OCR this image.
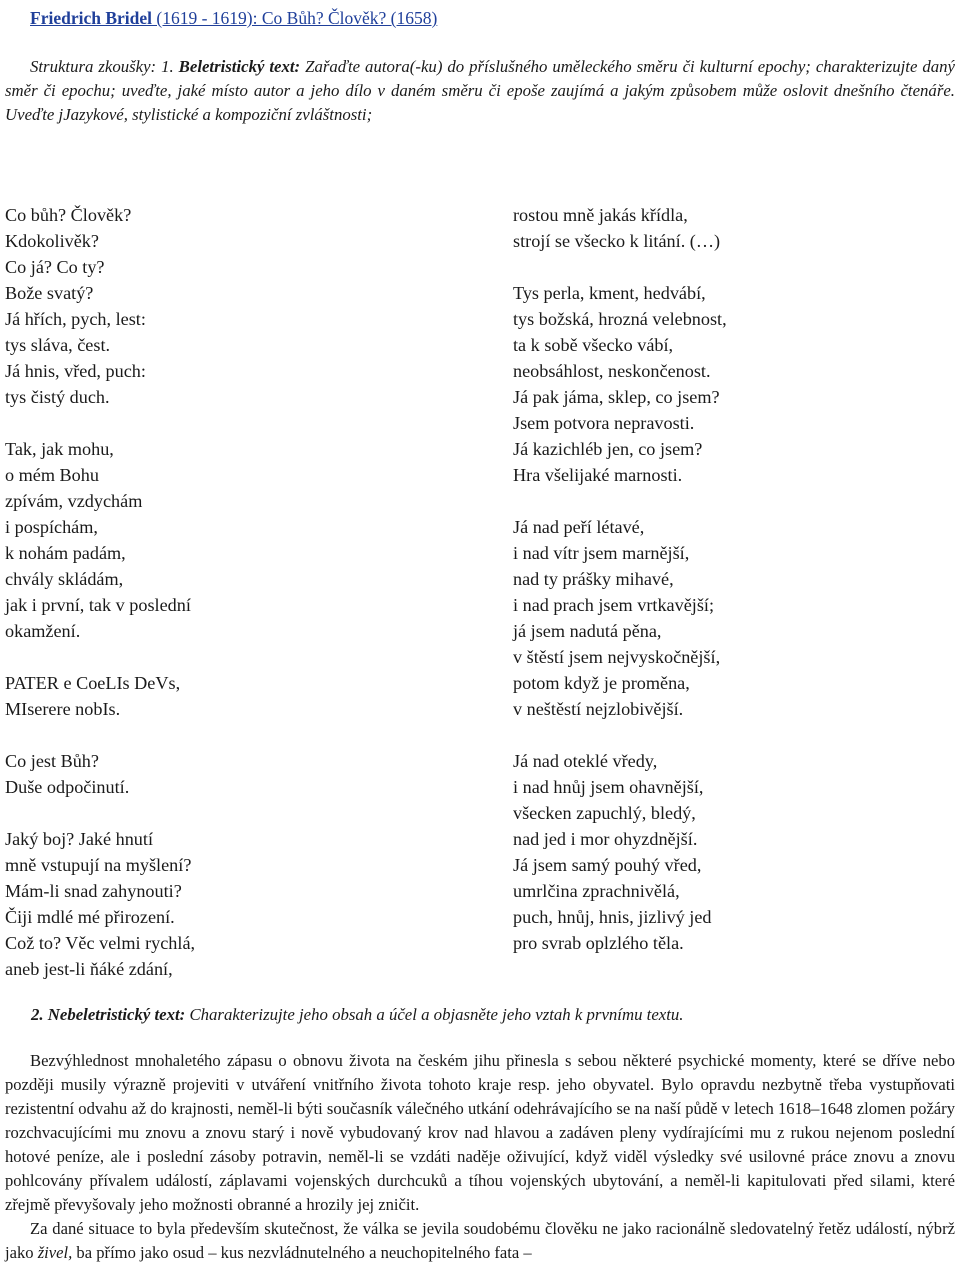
Friedrich Bridel (1619 - 1619): Co Bůh? Člověk? (1658)
Struktura zkoušky: 1. Beletristický text: Zařaďte autora(-ku) do příslušného uměleckého směru či kulturní epochy; charakterizujte daný směr či epochu; uveďte, jaké místo autor a jeho dílo v daném směru či epoše zaujímá a jakým způsobem může oslovit dnešního čtenáře. Uveďte jJazykové, stylistické a kompoziční zvláštnosti;
Co bůh? Člověk?
Kdokolivěk?
Co já? Co ty?
Bože svatý?
Já hřích, pych, lest:
tys sláva, čest.
Já hnis, vřed, puch:
tys čistý duch.
Tak, jak mohu,
o mém Bohu
zpívám, vzdychám
i pospíchám,
k nohám padám,
chvály skládám,
jak i první, tak v poslední
okamžení.
PATER e CoeLIs DeVs,
MIserere nobIs.
Co jest Bůh?
Duše odpočinutí.
Jaký boj? Jaké hnutí
mně vstupují na myšlení?
Mám-li snad zahynouti?
Čiji mdlé mé přirození.
Což to? Věc velmi rychlá,
aneb jest-li ňáké zdání,
rostou mně jakás křídla,
strojí se všecko k litání. (…)
Tys perla, kment, hedvábí,
tys božská, hrozná velebnost,
ta k sobě všecko vábí,
neobsáhlost, neskončenost.
Já pak jáma, sklep, co jsem?
Jsem potvora nepravosti.
Já kazichléb jen, co jsem?
Hra všelijaké marnosti.
Já nad peří létavé,
i nad vítr jsem marnější,
nad ty prášky mihavé,
i nad prach jsem vrtkavější;
já jsem nadutá pěna,
v štěstí jsem nejvyskočnější,
potom když je proměna,
v neštěstí nejzlobivější.
Já nad oteklé vředy,
i nad hnůj jsem ohavnější,
všecken zapuchlý, bledý,
nad jed i mor ohyzdnější.
Já jsem samý pouhý vřed,
umrlčina zprachnivělá,
puch, hnůj, hnis, jizlivý jed
pro svrab oplzlého těla.
2. Nebeletristický text: Charakterizujte jeho obsah a účel a objasněte jeho vztah k prvnímu textu.

Bezvýhlednost mnohaletého zápasu o obnovu života na českém jihu přinesla s sebou některé psychické momenty, které se dříve nebo později musily výrazně projeviti v utváření vnitřního života tohoto kraje resp. jeho obyvatel. Bylo opravdu nezbytně třeba vystupňovati rezistentní odvahu až do krajnosti, neměl-li býti současník válečného utkání odehrávajícího se na naší půdě v letech 1618–1648 zlomen požáry rozchvacujícími mu znovu a znovu starý i nově vybudovaný krov nad hlavou a zadáven pleny vydírajícími mu z rukou nejenom poslední hotové peníze, ale i poslední zásoby potravin, neměl-li se vzdáti naděje oživující, když viděl výsledky své usilovné práce znovu a znovu pohlcovány přívalem událostí, záplavami vojenských durchcuků a tíhou vojenských ubytování, a neměl-li kapitulovati před silami, které zřejmě převyšovaly jeho možnosti obranné a hrozily jej zničit.

Za dané situace to byla především skutečnost, že válka se jevila soudobému člověku ne jako racionálně sledovatelný řetěz událostí, nýbrž jako živel, ba přímo jako osud – kus nezvládnutelného a neuchopitelného fata –
